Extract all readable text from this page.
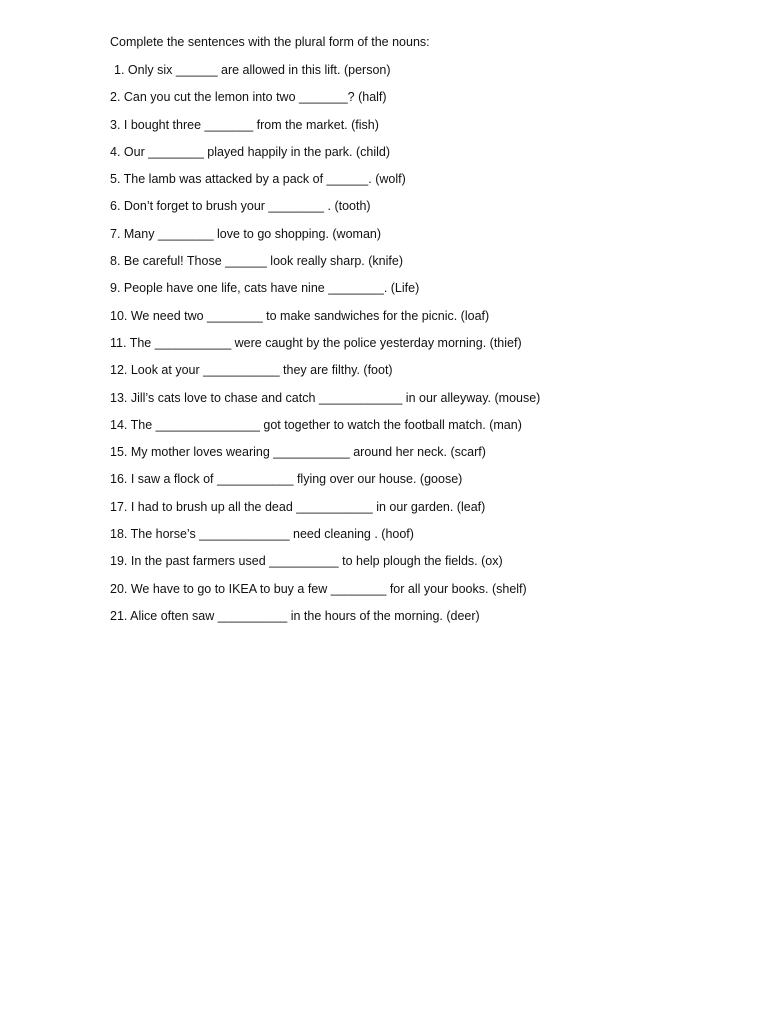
Complete the sentences with the plural form of the nouns:

1. Only six ______ are allowed in this lift. (person)
2. Can you cut the lemon into two _______? (half)
3. I bought three _______ from the market. (fish)
4. Our ________ played happily in the park. (child)
5. The lamb was attacked by a pack of ______. (wolf)
6. Don’t forget to brush your ________ . (tooth)
7. Many ________ love to go shopping. (woman)
8. Be careful! Those ______ look really sharp. (knife)
9. People have one life, cats have nine ________. (Life)
10. We need two ________ to make sandwiches for the picnic. (loaf)
11. The ___________ were caught by the police yesterday morning. (thief)
12. Look at your ___________ they are filthy. (foot)
13. Jill’s cats love to chase and catch ____________ in our alleyway. (mouse)
14. The _______________ got together to watch the football match. (man)
15. My mother loves wearing ___________ around her neck. (scarf)
16. I saw a flock of ___________ flying over our house. (goose)
17. I had to brush up all the dead ___________ in our garden. (leaf)
18. The horse’s _____________ need cleaning . (hoof)
19. In the past farmers used __________ to help plough the fields. (ox)
20. We have to go to IKEA to buy a few ________ for all your books. (shelf)
21. Alice often saw __________ in the hours of the morning. (deer)
